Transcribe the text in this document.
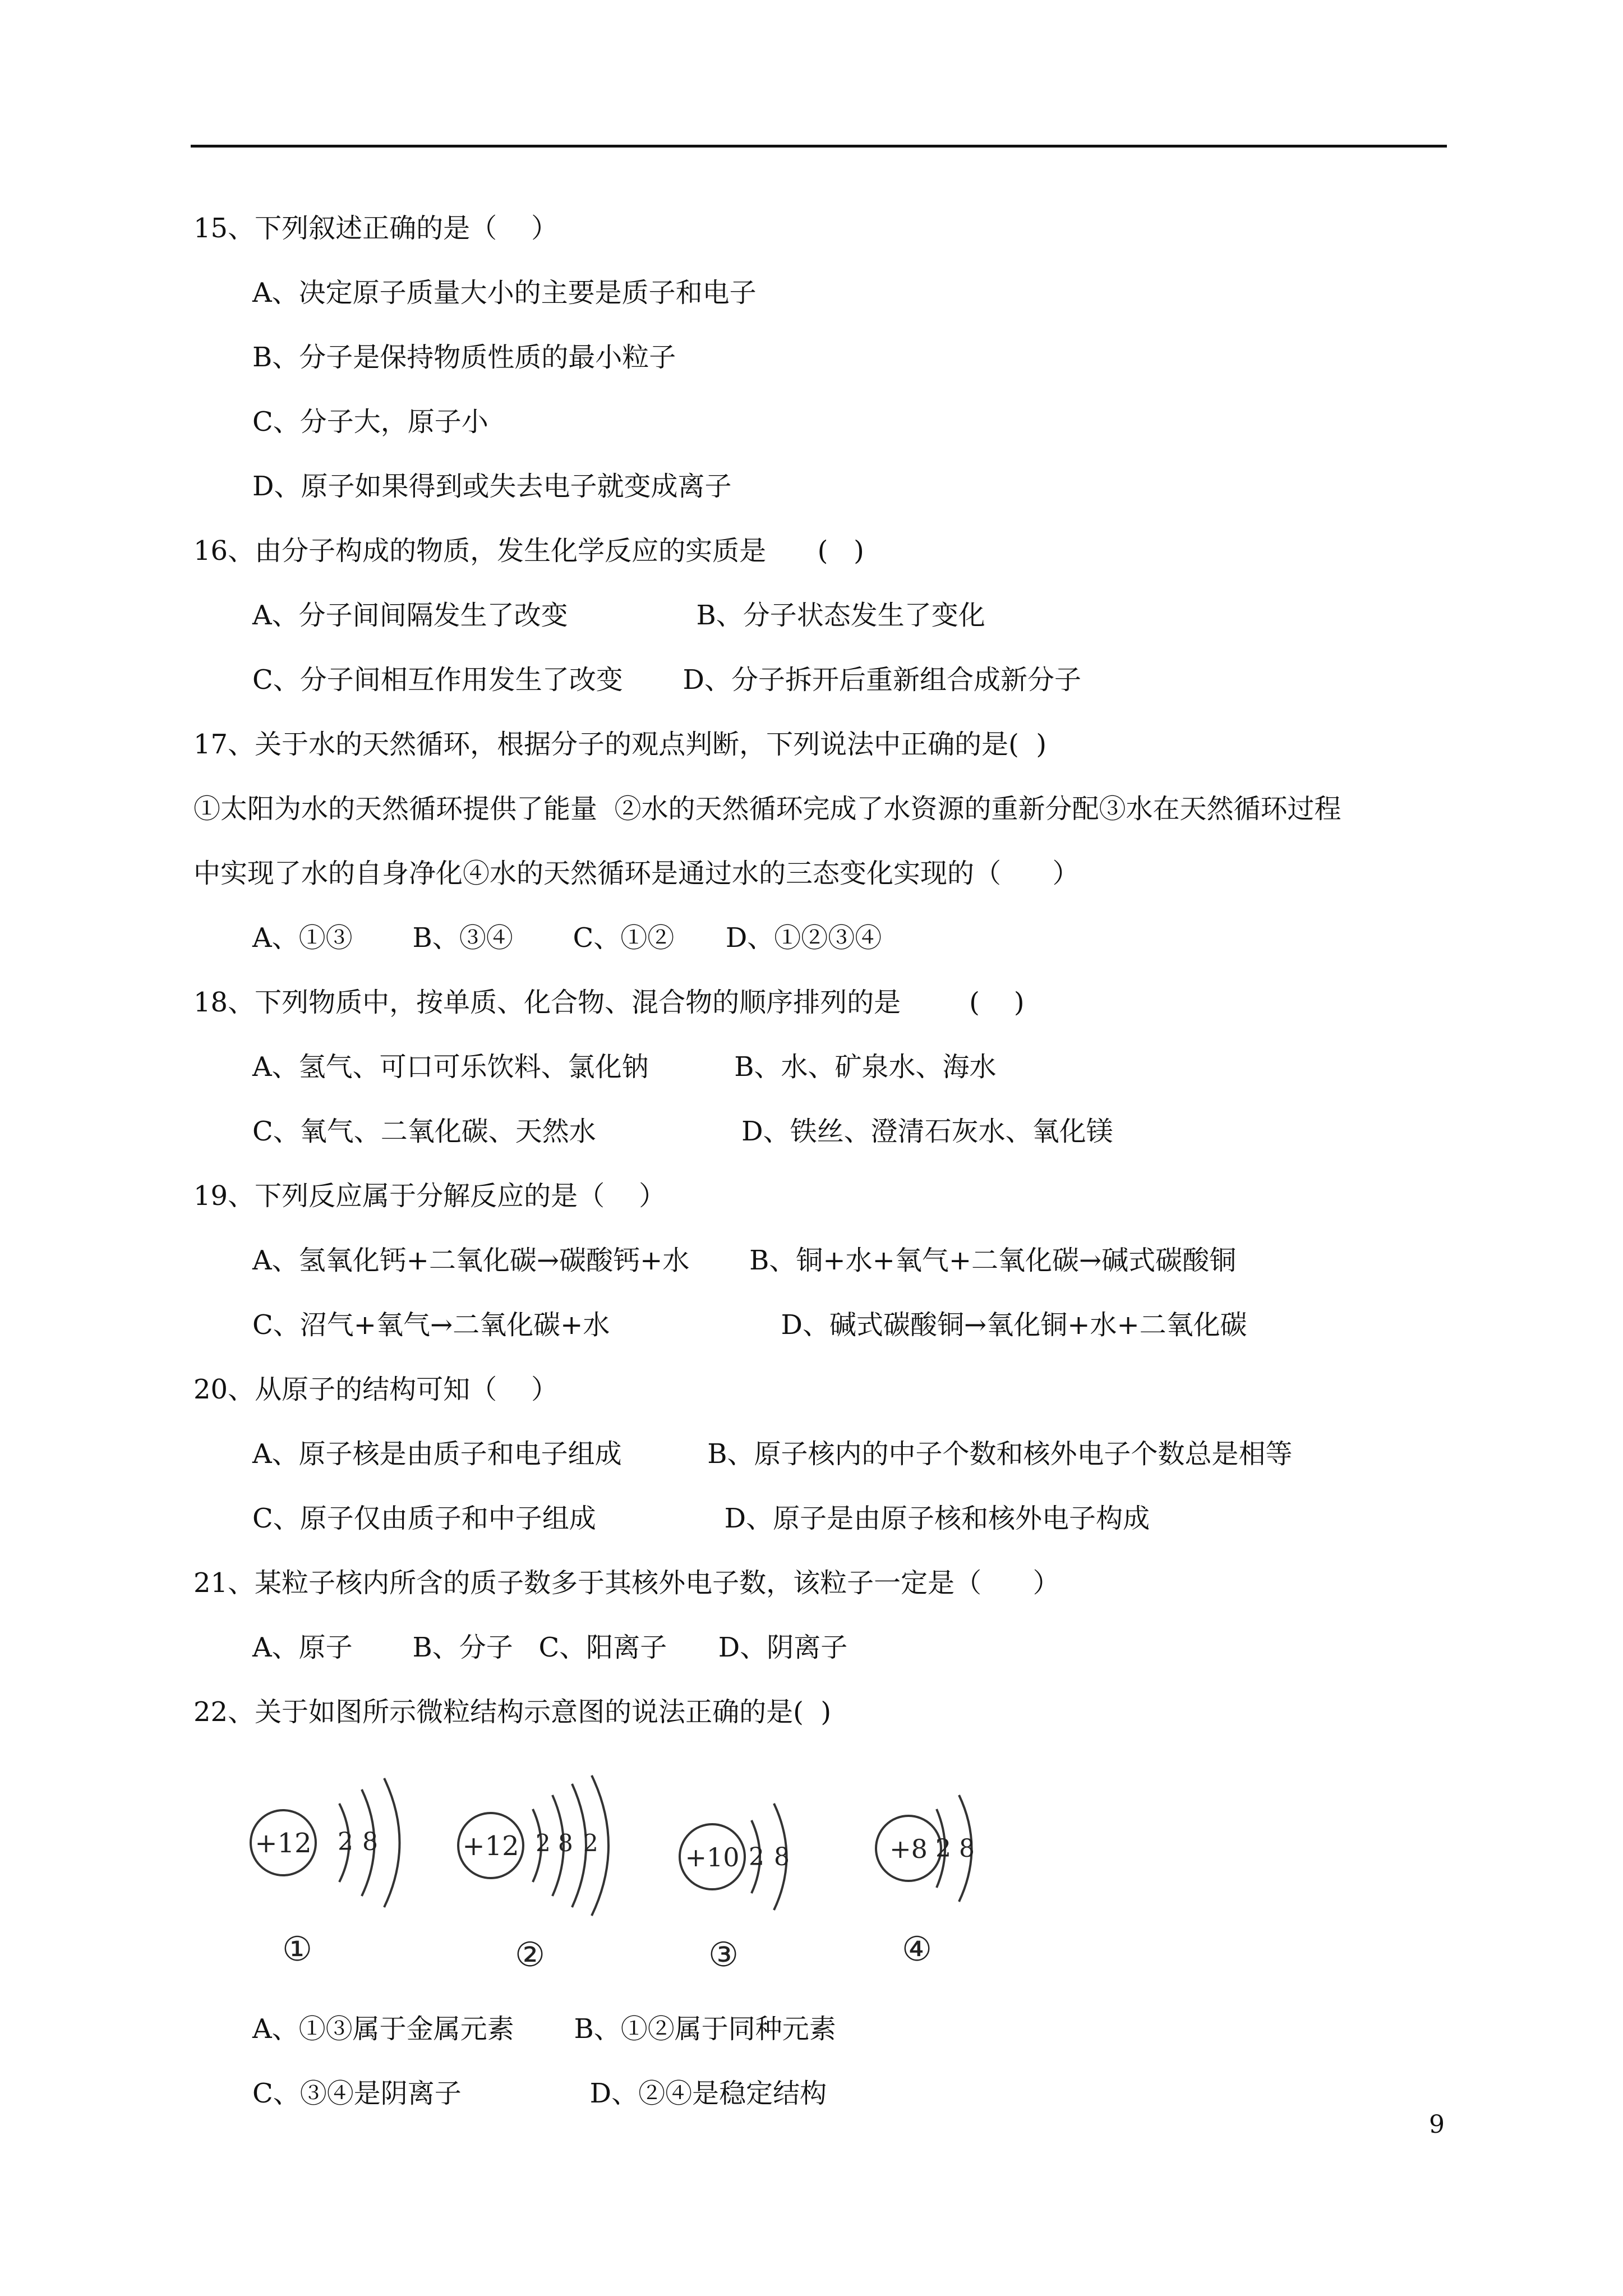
15、下列叙述正确的是（    ）
A、决定原子质量大小的主要是质子和电子
B、分子是保持物质性质的最小粒子
C、分子大，原子小
D、原子如果得到或失去电子就变成离子
16、由分子构成的物质，发生化学反应的实质是      (   )
A、分子间间隔发生了改变               B、分子状态发生了变化
C、分子间相互作用发生了改变       D、分子拆开后重新组合成新分子
17、关于水的天然循环，根据分子的观点判断，下列说法中正确的是(  )
①太阳为水的天然循环提供了能量  ②水的天然循环完成了水资源的重新分配③水在天然循环过程
中实现了水的自身净化④水的天然循环是通过水的三态变化实现的（      ）
A、①③       B、③④       C、①②      D、①②③④
18、下列物质中，按单质、化合物、混合物的顺序排列的是        (    )
A、氢气、可口可乐饮料、氯化钠          B、水、矿泉水、海水
C、氧气、二氧化碳、天然水                 D、铁丝、澄清石灰水、氧化镁
19、下列反应属于分解反应的是（    ）
A、氢氧化钙+二氧化碳→碳酸钙+水       B、铜+水+氧气+二氧化碳→碱式碳酸铜
C、沼气+氧气→二氧化碳+水                    D、碱式碳酸铜→氧化铜+水+二氧化碳
20、从原子的结构可知（    ）
A、原子核是由质子和电子组成          B、原子核内的中子个数和核外电子个数总是相等
C、原子仅由质子和中子组成               D、原子是由原子核和核外电子构成
21、某粒子核内所含的质子数多于其核外电子数，该粒子一定是（      ）
A、原子       B、分子   C、阳离子      D、阴离子
22、关于如图所示微粒结构示意图的说法正确的是(  )
+12 2 8
①
+12 2 8 2
②
+10 2 8
③
+8 2 8
④
A、①③属于金属元素       B、①②属于同种元素
C、③④是阴离子               D、②④是稳定结构
9
